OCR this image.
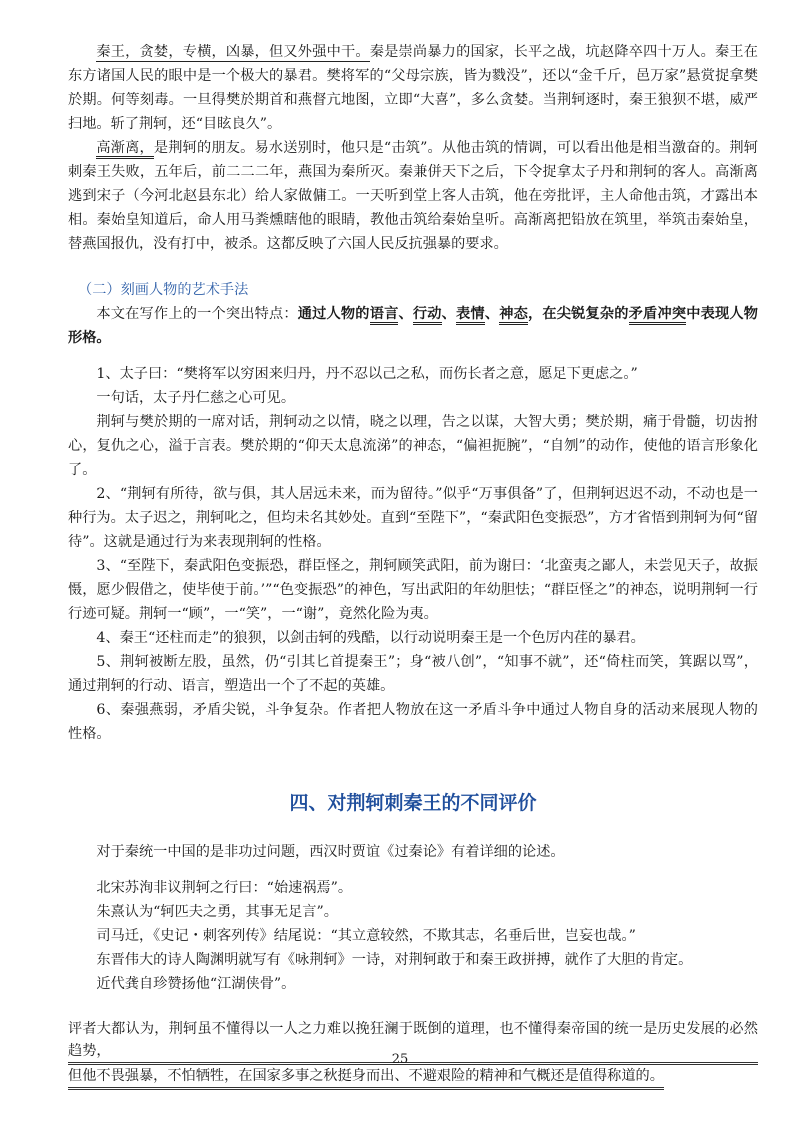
秦王，贪婪，专横，凶暴，但又外强中干。秦是崇尚暴力的国家，长平之战，坑赵降卒四十万人。秦王在东方诸国人民的眼中是一个极大的暴君。樊将军的“父母宗族，皆为戮没”，还以“金千斤，邑万家”悬赏捉拿樊於期。何等刻毒。一旦得樊於期首和燕督亢地图，立即“大喜”，多么贪婪。当荆轲逐时，秦王狼狈不堪，威严扫地。斩了荆轲，还“目眩良久”。

高渐离，是荆轲的朋友。易水送别时，他只是“击筑”。从他击筑的情调，可以看出他是相当激奋的。荆轲刺秦王失败，五年后，前二二二年，燕国为秦所灭。秦兼併天下之后，下令捉拿太子丹和荆轲的客人。高渐离逃到宋子（今河北赵县东北）给人家做傭工。一天听到堂上客人击筑，他在旁批评，主人命他击筑，才露出本相。秦始皇知道后，命人用马粪燻瞎他的眼睛，教他击筑给秦始皇听。高渐离把铅放在筑里，举筑击秦始皇，替燕国报仇，没有打中，被杀。这都反映了六国人民反抗强暴的要求。

（二）刻画人物的艺术手法

本文在写作上的一个突出特点：通过人物的语言、行动、表情、神态，在尖锐复杂的矛盾冲突中表现人物形格。

1、太子曰：“樊将军以穷困来归丹，丹不忍以己之私，而伤长者之意，愿足下更虑之。”

一句话，太子丹仁慈之心可见。

荆轲与樊於期的一席对话，荆轲动之以情，晓之以理，告之以谋，大智大勇；樊於期，痛于骨髓，切齿拊心，复仇之心，溢于言表。樊於期的“仰天太息流涕”的神态，“偏袒扼腕”，“自刎”的动作，使他的语言形象化了。

2、“荆轲有所待，欲与俱，其人居远未来，而为留待。”似乎“万事俱备”了，但荆轲迟迟不动，不动也是一种行为。太子迟之，荆轲叱之，但均未名其妙处。直到“至陛下”，“秦武阳色变振恐”，方才省悟到荆轲为何“留待”。这就是通过行为来表现荆轲的性格。

3、“至陛下，秦武阳色变振恐，群臣怪之，荆轲顾笑武阳，前为谢曰：‘北蛮夷之鄙人，未尝见天子，故振慑，愿少假借之，使毕使于前。’”“色变振恐”的神色，写出武阳的年幼胆怯；“群臣怪之”的神态，说明荆轲一行行迹可疑。荆轲一“顾”，一“笑”，一“谢”，竟然化险为夷。

4、秦王“还柱而走”的狼狈，以剑击轲的残酷，以行动说明秦王是一个色厉内荏的暴君。

5、荆轲被断左股，虽然，仍“引其匕首提秦王”；身“被八创”，“知事不就”，还“倚柱而笑，箕踞以骂”，通过荆轲的行动、语言，塑造出一个了不起的英雄。

6、秦强燕弱，矛盾尖锐，斗争复杂。作者把人物放在这一矛盾斗争中通过人物自身的活动来展现人物的性格。

四、对荆轲刺秦王的不同评价

对于秦统一中国的是非功过问题，西汉时贾谊《过秦论》有着详细的论述。

北宋苏洵非议荆轲之行曰：“始速祸焉”。

朱熹认为“轲匹夫之勇，其事无足言”。

司马迁，《史记・刺客列传》结尾说：“其立意较然，不欺其志，名垂后世，岂妄也哉。”

东晋伟大的诗人陶渊明就写有《咏荆轲》一诗，对荆轲敢于和秦王政拼搏，就作了大胆的肯定。

近代龚自珍赞扬他“江湖侠骨”。

评者大都认为，荆轲虽不懂得以一人之力难以挽狂澜于既倒的道理，也不懂得秦帝国的统一是历史发展的必然趋势，

但他不畏强暴，不怕牺牲，在国家多事之秋挺身而出、不避艰险的精神和气概还是值得称道的。

25
